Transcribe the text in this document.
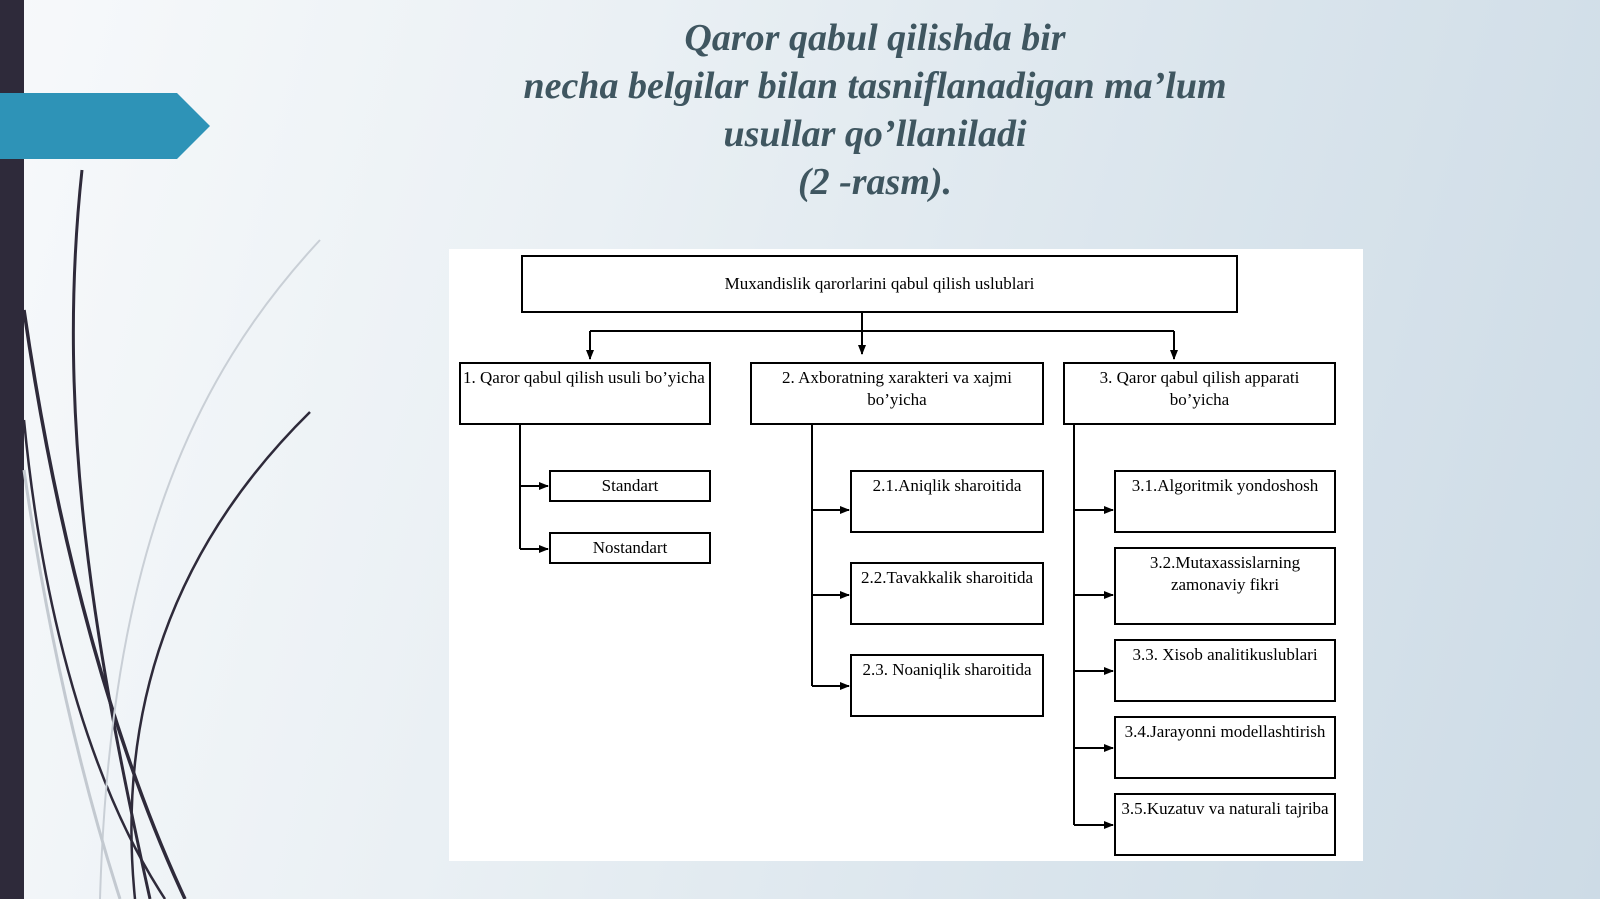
Qaror qabul qilishda bir
necha belgilar bilan tasniflanadigan ma’lum
usullar qo’llaniladi
(2 -rasm).
Muxandislik qarorlarini qabul qilish uslublari
1. Qaror qabul qilish usuli bo’yicha	2. Axboratning xarakteri va xajmi bo’yicha
3. Qaror qabul qilish apparati bo’yicha
Standart
Nostandart
2.1.Aniqlik sharoitida
2.2.Tavakkalik sharoitida
2.3. Noaniqlik sharoitida
3.1.Algoritmik yondoshosh
3.2.Mutaxassislarning zamonaviy fikri
3.3. Xisob analitikuslublari
3.4.Jarayonni modellashtirish
3.5.Kuzatuv va naturali tajriba
